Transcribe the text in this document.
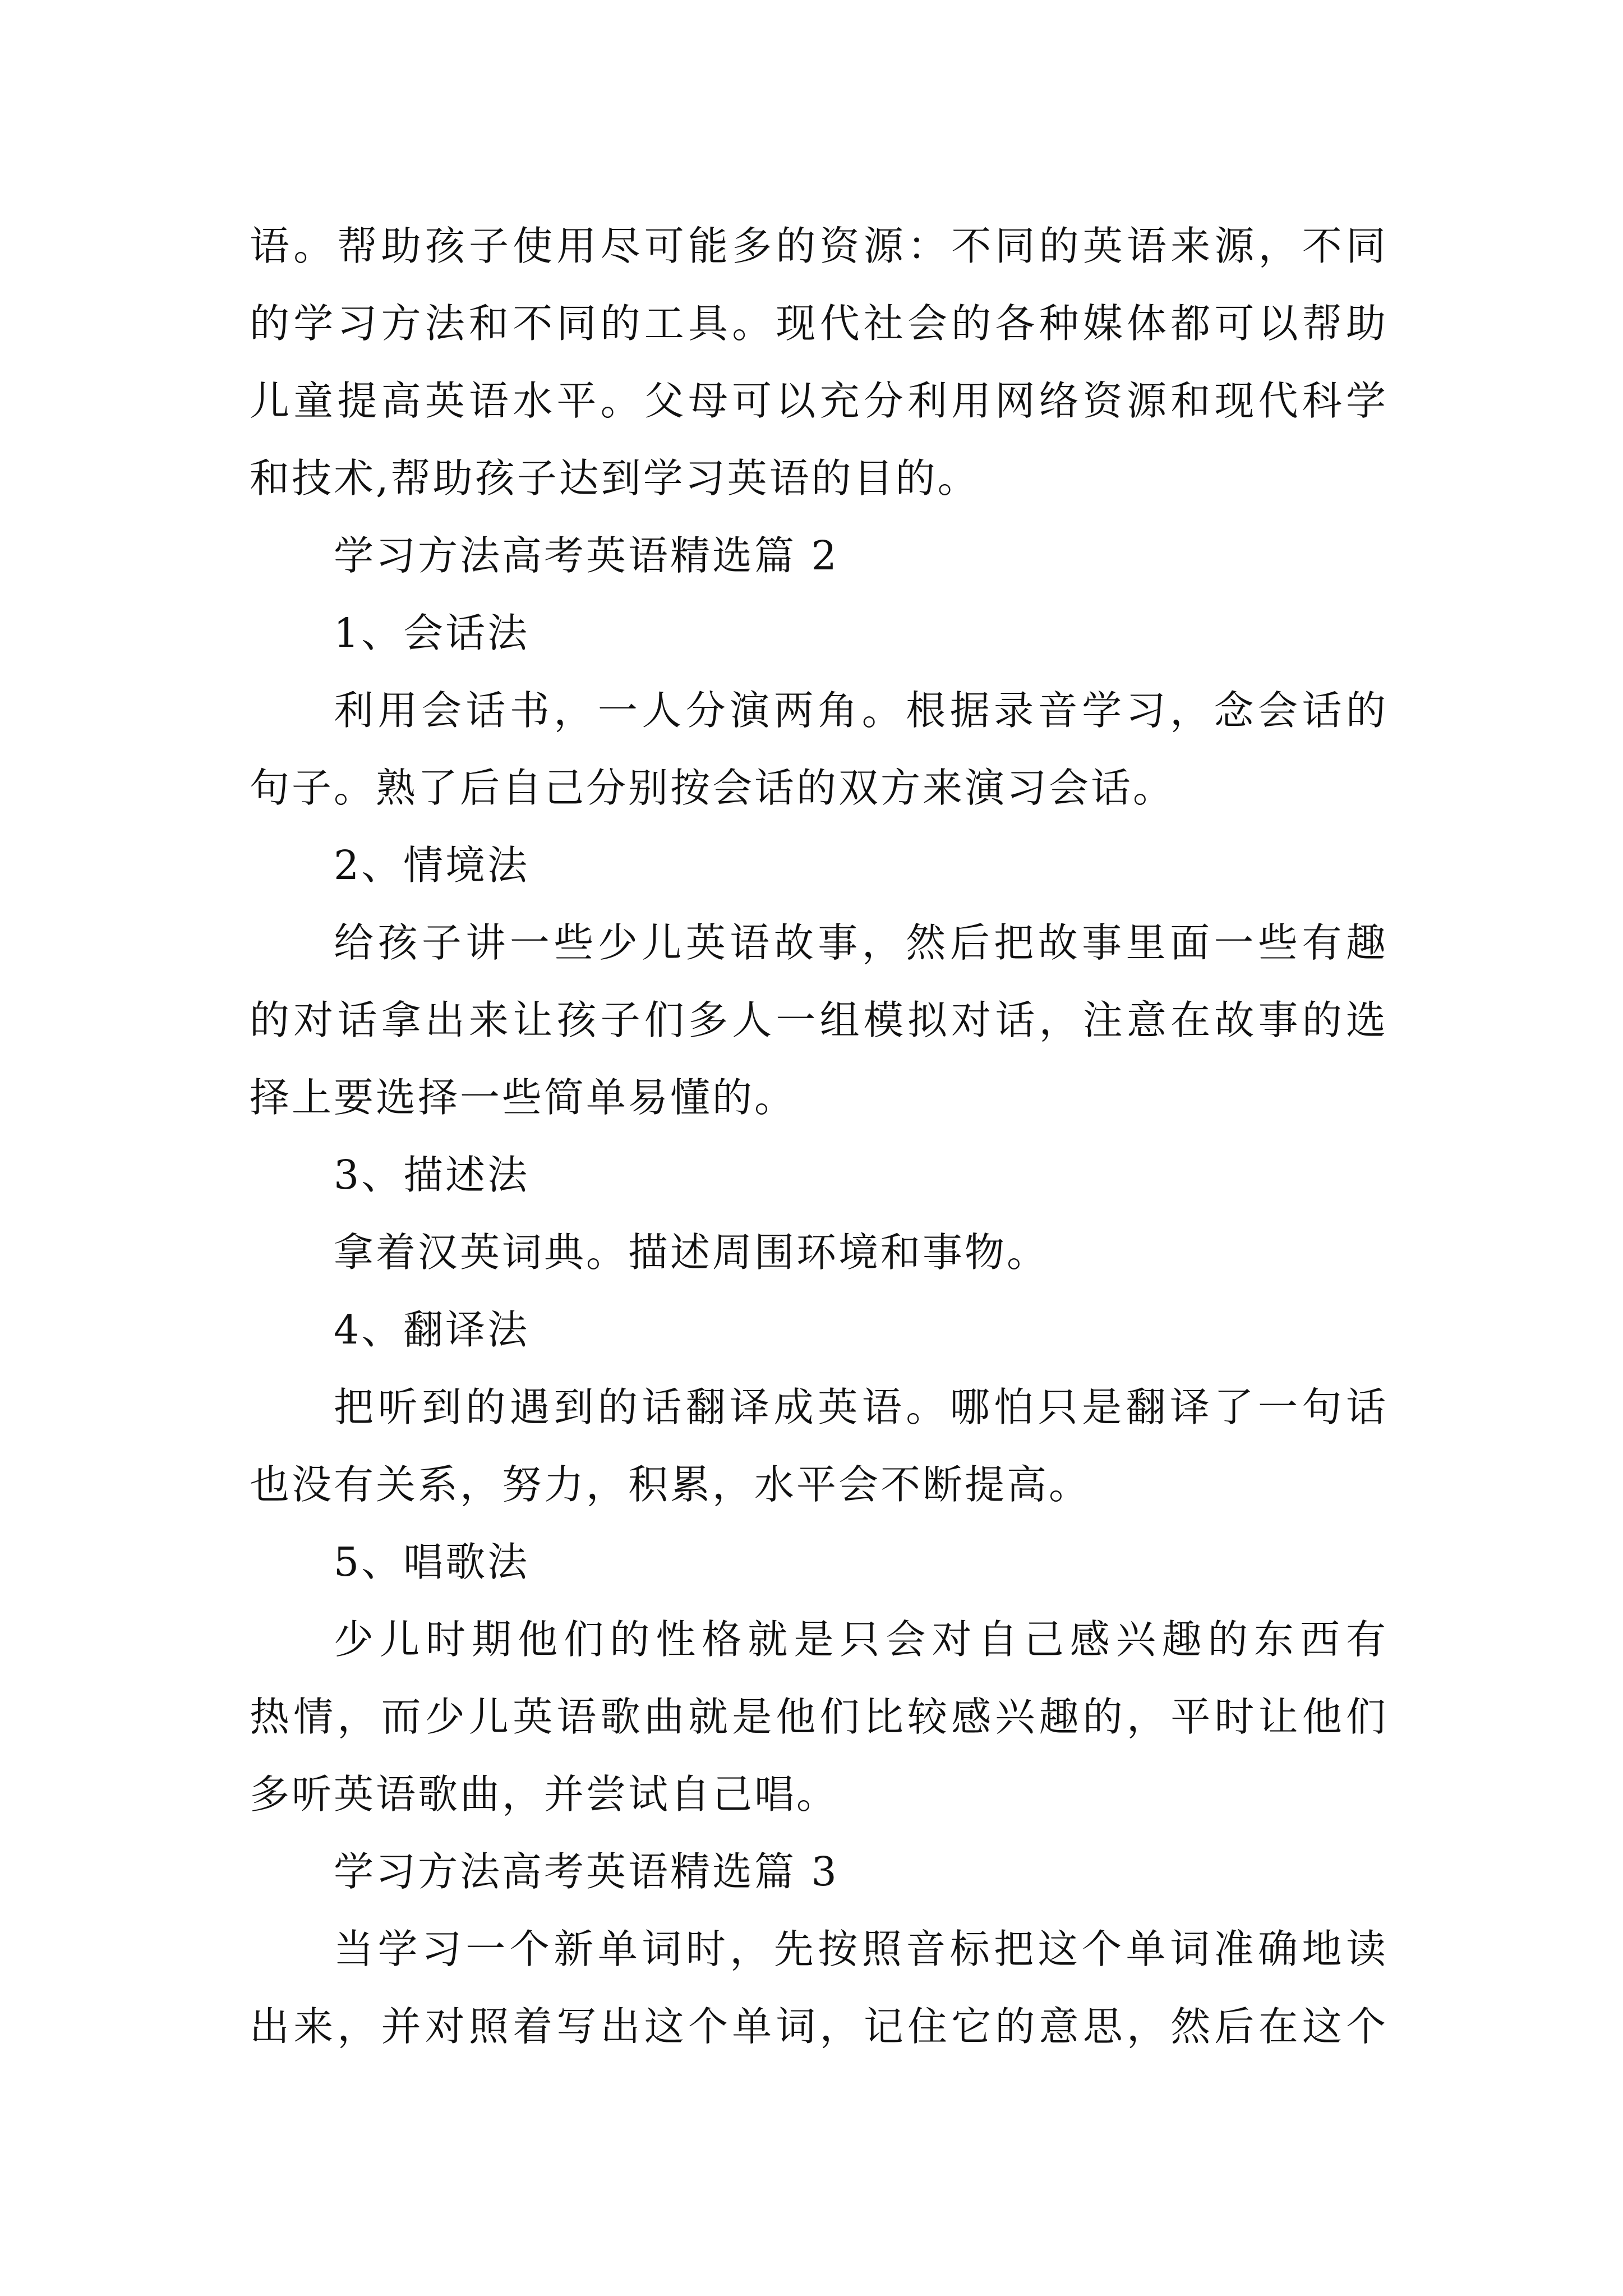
语。帮助孩子使用尽可能多的资源：不同的英语来源，不同
的学习方法和不同的工具。现代社会的各种媒体都可以帮助
儿童提高英语水平。父母可以充分利用网络资源和现代科学
和技术,帮助孩子达到学习英语的目的。
学习方法高考英语精选篇 2
1、会话法
利用会话书，一人分演两角。根据录音学习，念会话的
句子。熟了后自己分别按会话的双方来演习会话。
2、情境法
给孩子讲一些少儿英语故事，然后把故事里面一些有趣
的对话拿出来让孩子们多人一组模拟对话，注意在故事的选
择上要选择一些简单易懂的。
3、描述法
拿着汉英词典。描述周围环境和事物。
4、翻译法
把听到的遇到的话翻译成英语。哪怕只是翻译了一句话
也没有关系，努力，积累，水平会不断提高。
5、唱歌法
少儿时期他们的性格就是只会对自己感兴趣的东西有
热情，而少儿英语歌曲就是他们比较感兴趣的，平时让他们
多听英语歌曲，并尝试自己唱。
学习方法高考英语精选篇 3
当学习一个新单词时，先按照音标把这个单词准确地读
出来，并对照着写出这个单词，记住它的意思，然后在这个
